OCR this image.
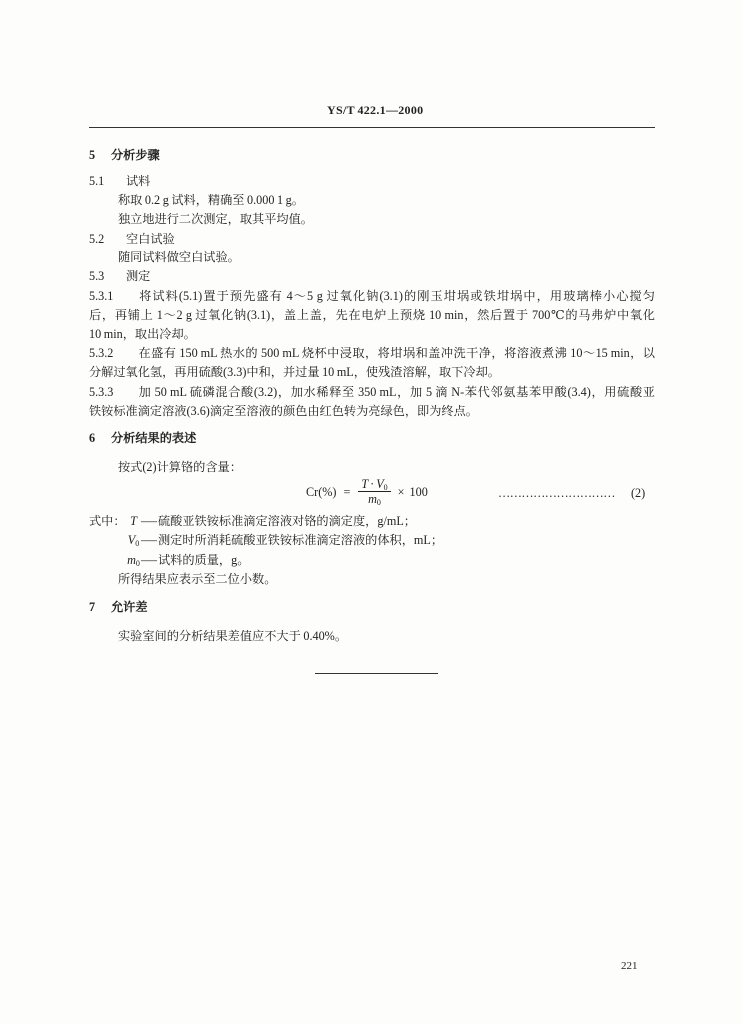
YS/T 422.1—2000
5 分析步骤
5.1 试料
称取 0.2 g 试料，精确至 0.000 1 g。
独立地进行二次测定，取其平均值。
5.2 空白试验
随同试料做空白试验。
5.3 测定
5.3.1 将试料(5.1)置于预先盛有 4～5 g 过氧化钠(3.1)的刚玉坩埚或铁坩埚中，用玻璃棒小心搅匀
后，再铺上 1～2 g 过氧化钠(3.1)，盖上盖，先在电炉上预烧 10 min，然后置于 700℃的马弗炉中氧化
10 min，取出冷却。
5.3.2 在盛有 150 mL 热水的 500 mL 烧杯中浸取，将坩埚和盖冲洗干净，将溶液煮沸 10～15 min，以
分解过氧化氢，再用硫酸(3.3)中和，并过量 10 mL，使残渣溶解，取下冷却。
5.3.3 加 50 mL 硫磷混合酸(3.2)，加水稀释至 350 mL，加 5 滴 N-苯代邻氨基苯甲酸(3.4)，用硫酸亚
铁铵标准滴定溶液(3.6)滴定至溶液的颜色由红色转为亮绿色，即为终点。
6 分析结果的表述
按式(2)计算铬的含量：
$Cr(\%) = \frac{T \cdot V_0}{m_0} \times 100$	…………………………	(2)
式中： T —— 硫酸亚铁铵标准滴定溶液对铬的滴定度，g/mL；
$V_0$ —— 测定时所消耗硫酸亚铁铵标准滴定溶液的体积，mL；
$m_0$ —— 试料的质量，g。
所得结果应表示至二位小数。
7 允许差
实验室间的分析结果差值应不大于 0.40%。
221
